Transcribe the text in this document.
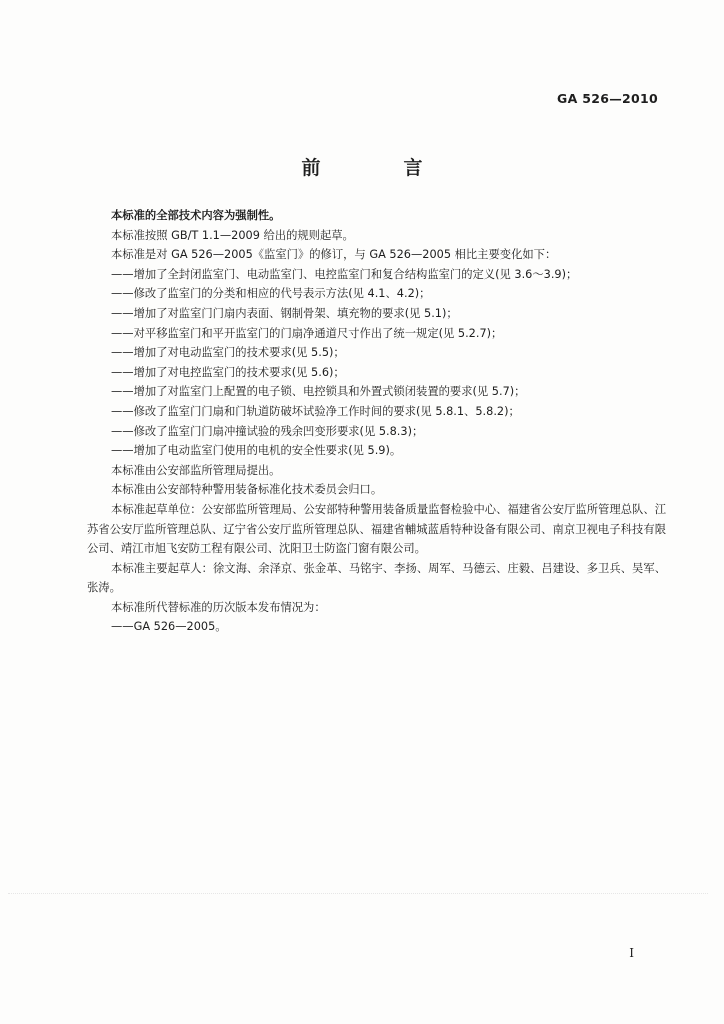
GA 526—2010
前　言

本标准的全部技术内容为强制性。

本标准按照 GB/T 1.1—2009 给出的规则起草。

本标准是对 GA 526—2005《监室门》的修订，与 GA 526—2005 相比主要变化如下：

——增加了全封闭监室门、电动监室门、电控监室门和复合结构监室门的定义(见 3.6～3.9)；

——修改了监室门的分类和相应的代号表示方法(见 4.1、4.2)；

——增加了对监室门门扇内表面、钢制骨架、填充物的要求(见 5.1)；

——对平移监室门和平开监室门的门扇净通道尺寸作出了统一规定(见 5.2.7)；

——增加了对电动监室门的技术要求(见 5.5)；

——增加了对电控监室门的技术要求(见 5.6)；

——增加了对监室门上配置的电子锁、电控锁具和外置式锁闭装置的要求(见 5.7)；

——修改了监室门门扇和门轨道防破坏试验净工作时间的要求(见 5.8.1、5.8.2)；

——修改了监室门门扇冲撞试验的残余凹变形要求(见 5.8.3)；

——增加了电动监室门使用的电机的安全性要求(见 5.9)。

本标准由公安部监所管理局提出。

本标准由公安部特种警用装备标准化技术委员会归口。

本标准起草单位：公安部监所管理局、公安部特种警用装备质量监督检验中心、福建省公安厅监所管理总队、江苏省公安厅监所管理总队、辽宁省公安厅监所管理总队、福建省輔城蓝盾特种设备有限公司、南京卫视电子科技有限公司、靖江市旭飞安防工程有限公司、沈阳卫士防盗门窗有限公司。

本标准主要起草人：徐文海、余泽京、张金革、马铭宇、李扬、周军、马德云、庄毅、吕建设、多卫兵、吴军、张涛。

本标准所代替标准的历次版本发布情况为：

——GA 526—2005。

I
